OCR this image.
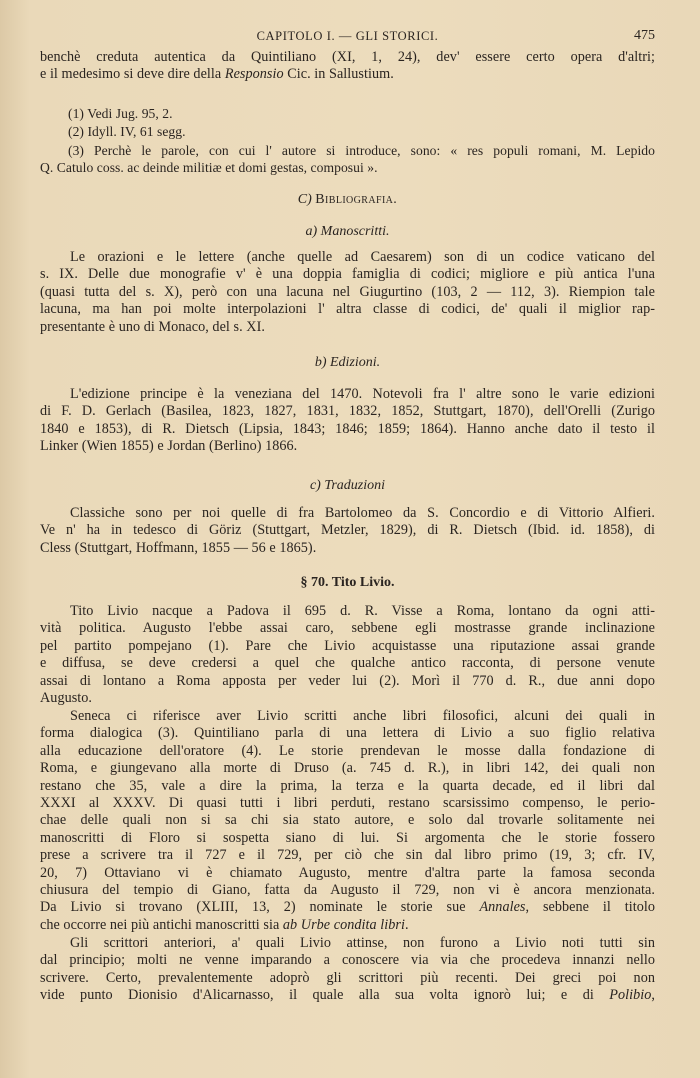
CAPITOLO I. — GLI STORICI.	475
benchè creduta autentica da Quintiliano (XI, 1, 24), dev' essere certo opera d'altri;
e il medesimo si deve dire della Responsio Cic. in Sallustium.
(1) Vedi Jug. 95, 2.
(2) Idyll. IV, 61 segg.
(3) Perchè le parole, con cui l' autore si introduce, sono: « res populi romani, M. Lepido
Q. Catulo coss. ac deinde militiæ et domi gestas, composui ».
C) Bibliografia.
a) Manoscritti.
Le orazioni e le lettere (anche quelle ad Caesarem) son di un codice vaticano del
s. IX. Delle due monografie v' è una doppia famiglia di codici; migliore e più antica l'una
(quasi tutta del s. X), però con una lacuna nel Giugurtino (103, 2 — 112, 3). Riempion tale
lacuna, ma han poi molte interpolazioni l' altra classe di codici, de' quali il miglior rap-
presentante è uno di Monaco, del s. XI.
b) Edizioni.
L'edizione principe è la veneziana del 1470. Notevoli fra l' altre sono le varie edizioni
di F. D. Gerlach (Basilea, 1823, 1827, 1831, 1832, 1852, Stuttgart, 1870), dell'Orelli (Zurigo
1840 e 1853), di R. Dietsch (Lipsia, 1843; 1846; 1859; 1864). Hanno anche dato il testo il
Linker (Wien 1855) e Jordan (Berlino) 1866.
c) Traduzioni
Classiche sono per noi quelle di fra Bartolomeo da S. Concordio e di Vittorio Alfieri.
Ve n' ha in tedesco di Göriz (Stuttgart, Metzler, 1829), di R. Dietsch (Ibid. id. 1858), di
Cless (Stuttgart, Hoffmann, 1855 — 56 e 1865).
§ 70. Tito Livio.
Tito Livio nacque a Padova il 695 d. R. Visse a Roma, lontano da ogni atti-
vità politica. Augusto l'ebbe assai caro, sebbene egli mostrasse grande inclinazione
pel partito pompejano (1). Pare che Livio acquistasse una riputazione assai grande
e diffusa, se deve credersi a quel che qualche antico racconta, di persone venute
assai di lontano a Roma apposta per veder lui (2). Morì il 770 d. R., due anni dopo
Augusto.
Seneca ci riferisce aver Livio scritti anche libri filosofici, alcuni dei quali in
forma dialogica (3). Quintiliano parla di una lettera di Livio a suo figlio relativa
alla educazione dell'oratore (4). Le storie prendevan le mosse dalla fondazione di
Roma, e giungevano alla morte di Druso (a. 745 d. R.), in libri 142, dei quali non
restano che 35, vale a dire la prima, la terza e la quarta decade, ed il libri dal
XXXI al XXXV. Di quasi tutti i libri perduti, restano scarsissimo compenso, le perio-
chae delle quali non si sa chi sia stato autore, e solo dal trovarle solitamente nei
manoscritti di Floro si sospetta siano di lui. Si argomenta che le storie fossero
prese a scrivere tra il 727 e il 729, per ciò che sin dal libro primo (19, 3; cfr. IV,
20, 7) Ottaviano vi è chiamato Augusto, mentre d'altra parte la famosa seconda
chiusura del tempio di Giano, fatta da Augusto il 729, non vi è ancora menzionata.
Da Livio si trovano (XLIII, 13, 2) nominate le storie sue Annales, sebbene il titolo
che occorre nei più antichi manoscritti sia ab Urbe condita libri.
Gli scrittori anteriori, a' quali Livio attinse, non furono a Livio noti tutti sin
dal principio; molti ne venne imparando a conoscere via via che procedeva innanzi nello
scrivere. Certo, prevalentemente adoprò gli scrittori più recenti. Dei greci poi non
vide punto Dionisio d'Alicarnasso, il quale alla sua volta ignorò lui; e di Polibio,
